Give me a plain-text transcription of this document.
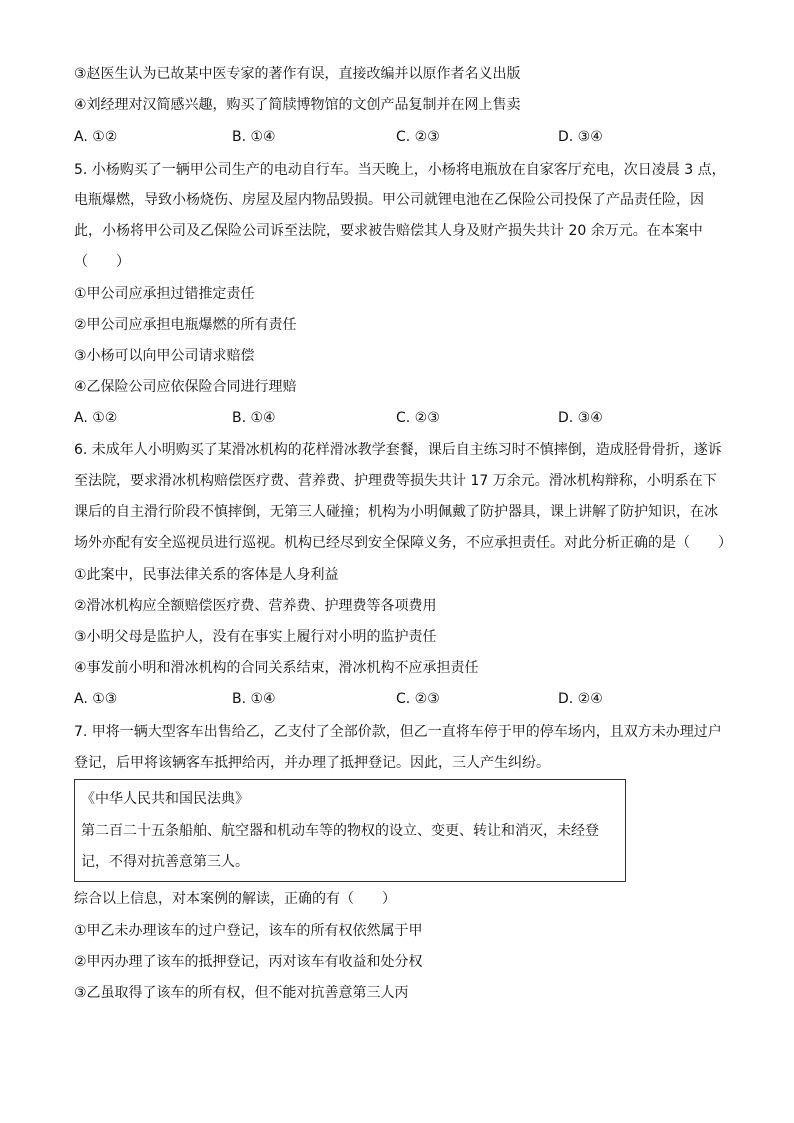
③赵医生认为已故某中医专家的著作有误，直接改编并以原作者名义出版
④刘经理对汉简感兴趣，购买了简牍博物馆的文创产品复制并在网上售卖
A. ①②	B. ①④	C. ②③	D. ③④
5. 小杨购买了一辆甲公司生产的电动自行车。当天晚上，小杨将电瓶放在自家客厅充电，次日凌晨 3 点，
电瓶爆燃，导致小杨烧伤、房屋及屋内物品毁损。甲公司就锂电池在乙保险公司投保了产品责任险，因
此，小杨将甲公司及乙保险公司诉至法院，要求被告赔偿其人身及财产损失共计 20 余万元。在本案中
（　　）
①甲公司应承担过错推定责任
②甲公司应承担电瓶爆燃的所有责任
③小杨可以向甲公司请求赔偿
④乙保险公司应依保险合同进行理赔
A. ①②	B. ①④	C. ②③	D. ③④
6. 未成年人小明购买了某滑冰机构的花样滑冰教学套餐，课后自主练习时不慎摔倒，造成胫骨骨折，遂诉
至法院，要求滑冰机构赔偿医疗费、营养费、护理费等损失共计 17 万余元。滑冰机构辩称，小明系在下
课后的自主滑行阶段不慎摔倒，无第三人碰撞；机构为小明佩戴了防护器具，课上讲解了防护知识，在冰
场外亦配有安全巡视员进行巡视。机构已经尽到安全保障义务，不应承担责任。对此分析正确的是（　　）
①此案中，民事法律关系的客体是人身利益
②滑冰机构应全额赔偿医疗费、营养费、护理费等各项费用
③小明父母是监护人，没有在事实上履行对小明的监护责任
④事发前小明和滑冰机构的合同关系结束，滑冰机构不应承担责任
A. ①③	B. ①④	C. ②③	D. ②④
7. 甲将一辆大型客车出售给乙，乙支付了全部价款，但乙一直将车停于甲的停车场内，且双方未办理过户
登记，后甲将该辆客车抵押给丙，并办理了抵押登记。因此，三人产生纠纷。
《中华人民共和国民法典》
第二百二十五条船舶、航空器和机动车等的物权的设立、变更、转让和消灭，未经登
记，不得对抗善意第三人。
综合以上信息，对本案例的解读，正确的有（　　）
①甲乙未办理该车的过户登记，该车的所有权依然属于甲
②甲丙办理了该车的抵押登记，丙对该车有收益和处分权
③乙虽取得了该车的所有权，但不能对抗善意第三人丙
